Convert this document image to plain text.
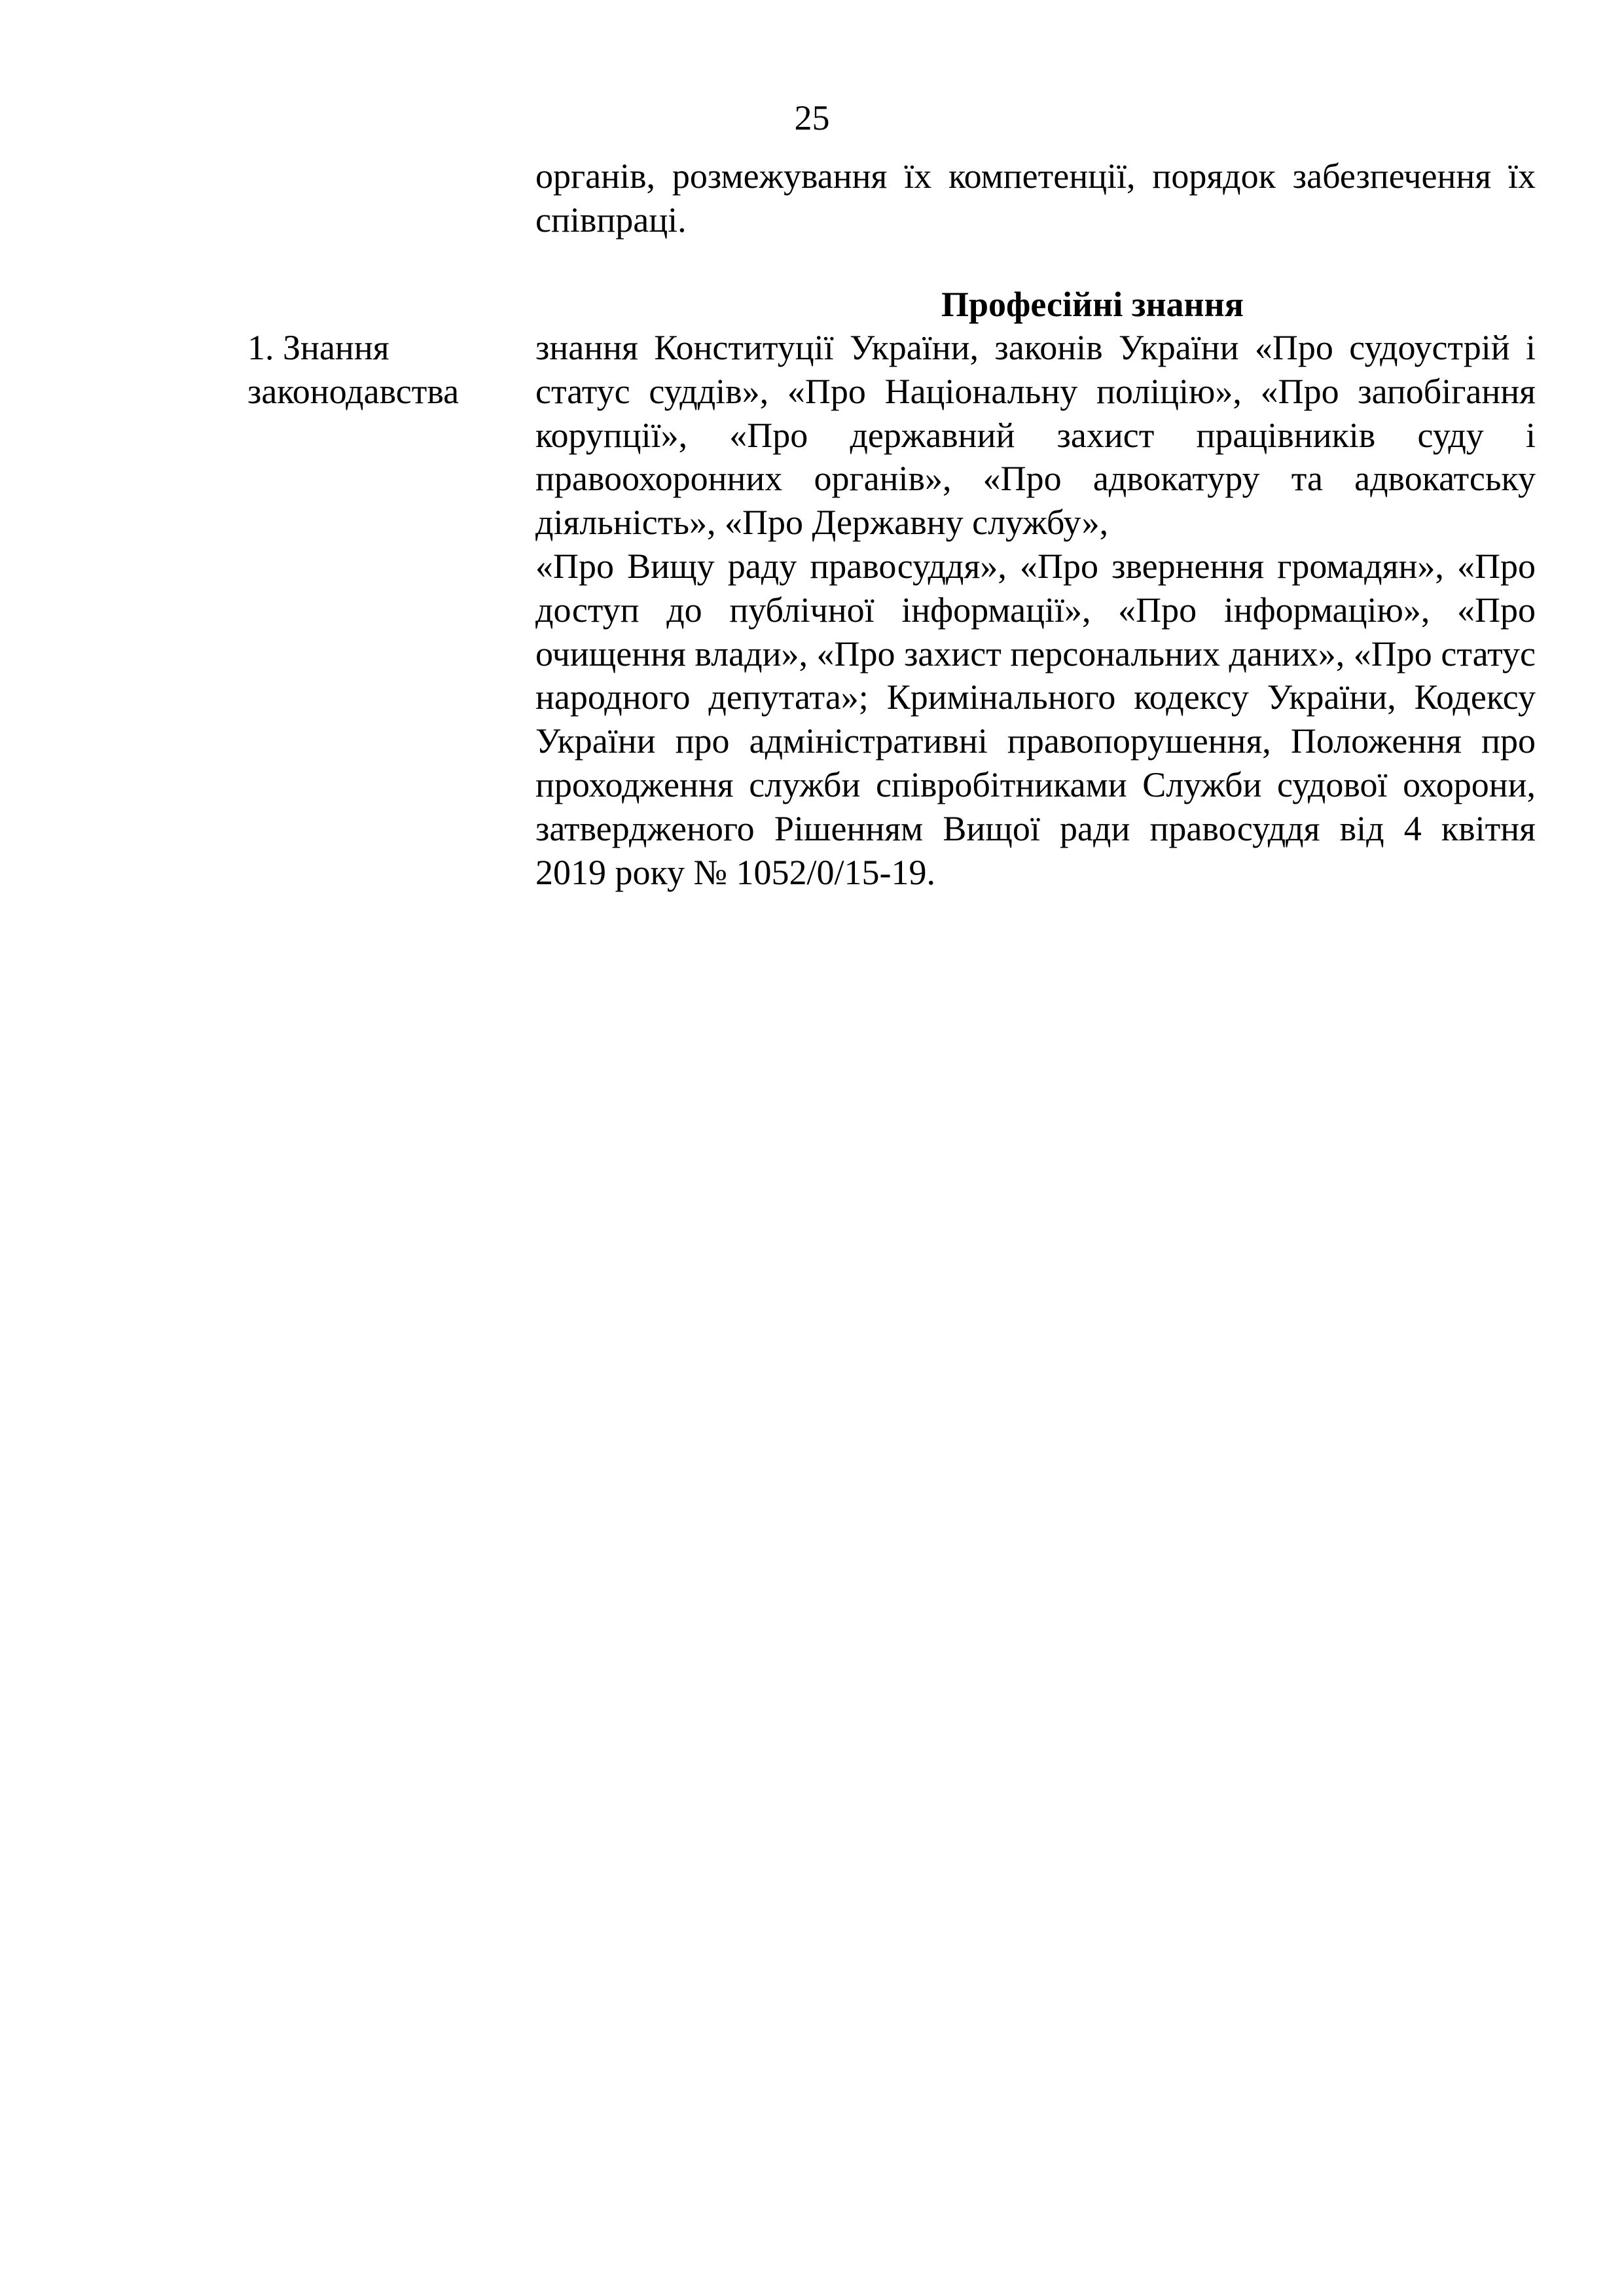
25
органів, розмежування їх компетенції, порядок забезпечення їх співпраці.
Професійні знання
1. Знання
законодавства

знання Конституції України, законів України «Про судоустрій і статус суддів», «Про Національну поліцію», «Про запобігання корупції», «Про державний захист працівників суду і правоохоронних органів», «Про адвокатуру та адвокатську діяльність», «Про Державну службу»,

«Про Вищу раду правосуддя», «Про звернення громадян», «Про доступ до публічної інформації», «Про інформацію», «Про очищення влади», «Про захист персональних даних», «Про статус народного депутата»; Кримінального кодексу України, Кодексу України про адміністративні правопорушення, Положення про проходження служби співробітниками Служби судової охорони, затвердженого Рішенням Вищої ради правосуддя від 4 квітня 2019 року № 1052/0/15-19.
